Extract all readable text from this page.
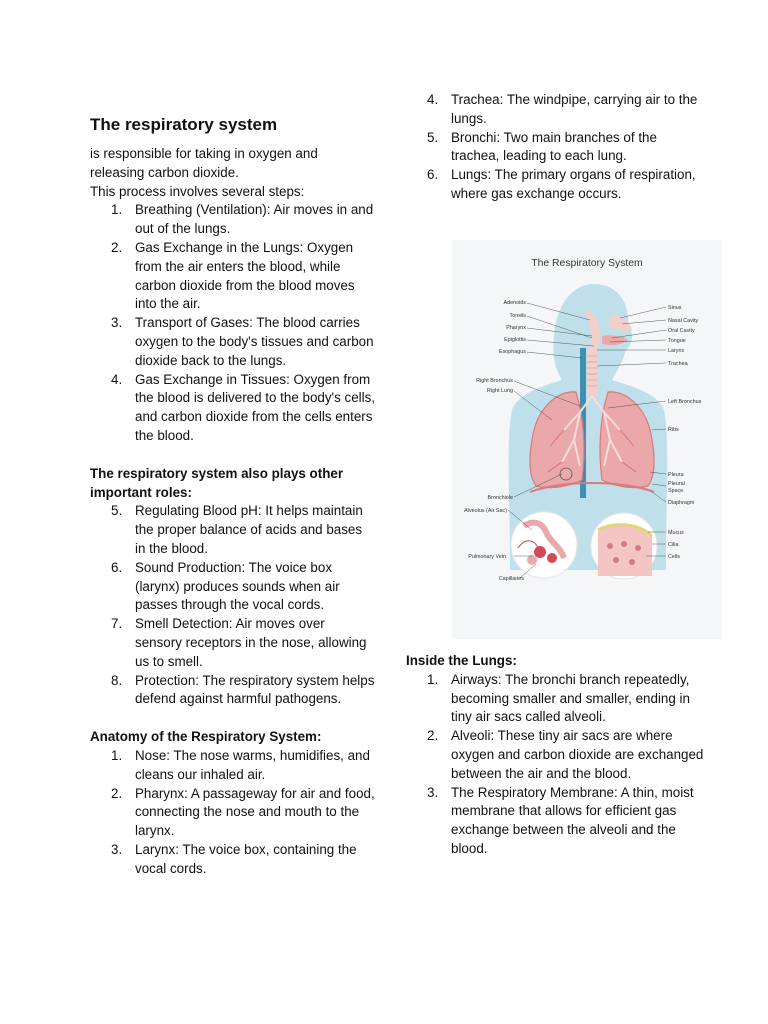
The respiratory system

is responsible for taking in oxygen and releasing carbon dioxide.

This process involves several steps:

1. Breathing (Ventilation): Air moves in and out of the lungs.
2. Gas Exchange in the Lungs: Oxygen from the air enters the blood, while carbon dioxide from the blood moves into the air.
3. Transport of Gases: The blood carries oxygen to the body's tissues and carbon dioxide back to the lungs.
4. Gas Exchange in Tissues: Oxygen from the blood is delivered to the body's cells, and carbon dioxide from the cells enters the blood.

The respiratory system also plays other important roles:

5. Regulating Blood pH: It helps maintain the proper balance of acids and bases in the blood.
6. Sound Production: The voice box (larynx) produces sounds when air passes through the vocal cords.
7. Smell Detection: Air moves over sensory receptors in the nose, allowing us to smell.
8. Protection: The respiratory system helps defend against harmful pathogens.

Anatomy of the Respiratory System:

1. Nose: The nose warms, humidifies, and cleans our inhaled air.
2. Pharynx: A passageway for air and food, connecting the nose and mouth to the larynx.
3. Larynx: The voice box, containing the vocal cords.
4. Trachea: The windpipe, carrying air to the lungs.
5. Bronchi: Two main branches of the trachea, leading to each lung.
6. Lungs: The primary organs of respiration, where gas exchange occurs.

Inside the Lungs:

1. Airways: The bronchi branch repeatedly, becoming smaller and smaller, ending in tiny air sacs called alveoli.
2. Alveoli: These tiny air sacs are where oxygen and carbon dioxide are exchanged between the air and the blood.
3. The Respiratory Membrane: A thin, moist membrane that allows for efficient gas exchange between the alveoli and the blood.
The Respiratory System
Adenoids
Tonsils
Pharynx
Epiglottis
Esophagus
Right Bronchus
Right Lung
Bronchiole
Alveolus (Air Sac)
Pulmonary Vein
Capillaries
Sinus
Nasal Cavity
Oral Cavity
Tongue
Larynx
Trachea
Left Bronchus
Ribs
Pleura
Pleural
Space
Diaphragm
Mucus
Cilia
Cells
